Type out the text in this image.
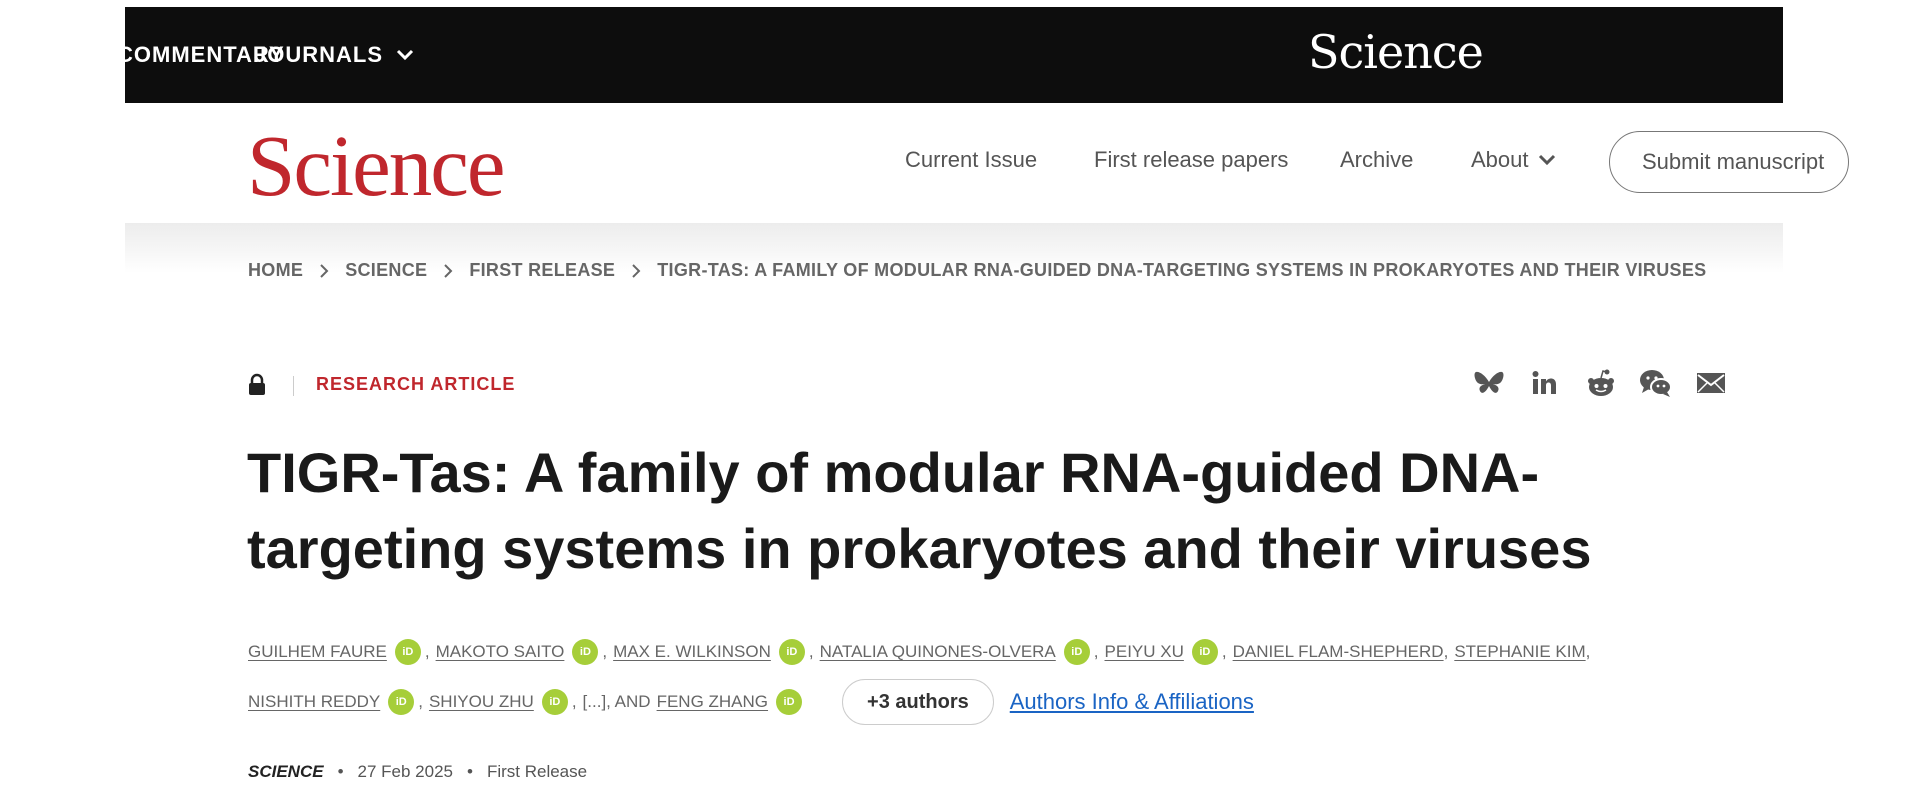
COMMENTARY
JOURNALS	Science
Science	Current Issue	First release papers Archive	About	Submit manuscript
HOME SCIENCE FIRST RELEASE TIGR-TAS: A FAMILY OF MODULAR RNA-GUIDED DNA-TARGETING SYSTEMS IN PROKARYOTES AND THEIR VIRUSES
RESEARCH ARTICLE
TIGR-Tas: A family of modular RNA-guided DNA-targeting systems in prokaryotes and their viruses
GUILHEM FAURE	iD , MAKOTO SAITO	iD , MAX E. WILKINSON	iD , NATALIA QUINONES-OLVERA	iD , PEIYU XU	iD , DANIEL FLAM-SHEPHERD , STEPHANIE KIM ,
NISHITH REDDY	iD , SHIYOU ZHU	iD , [...], AND FENG ZHANG	iD	+3 authors	Authors Info & Affiliations
SCIENCE • 27 Feb 2025 • First Release
